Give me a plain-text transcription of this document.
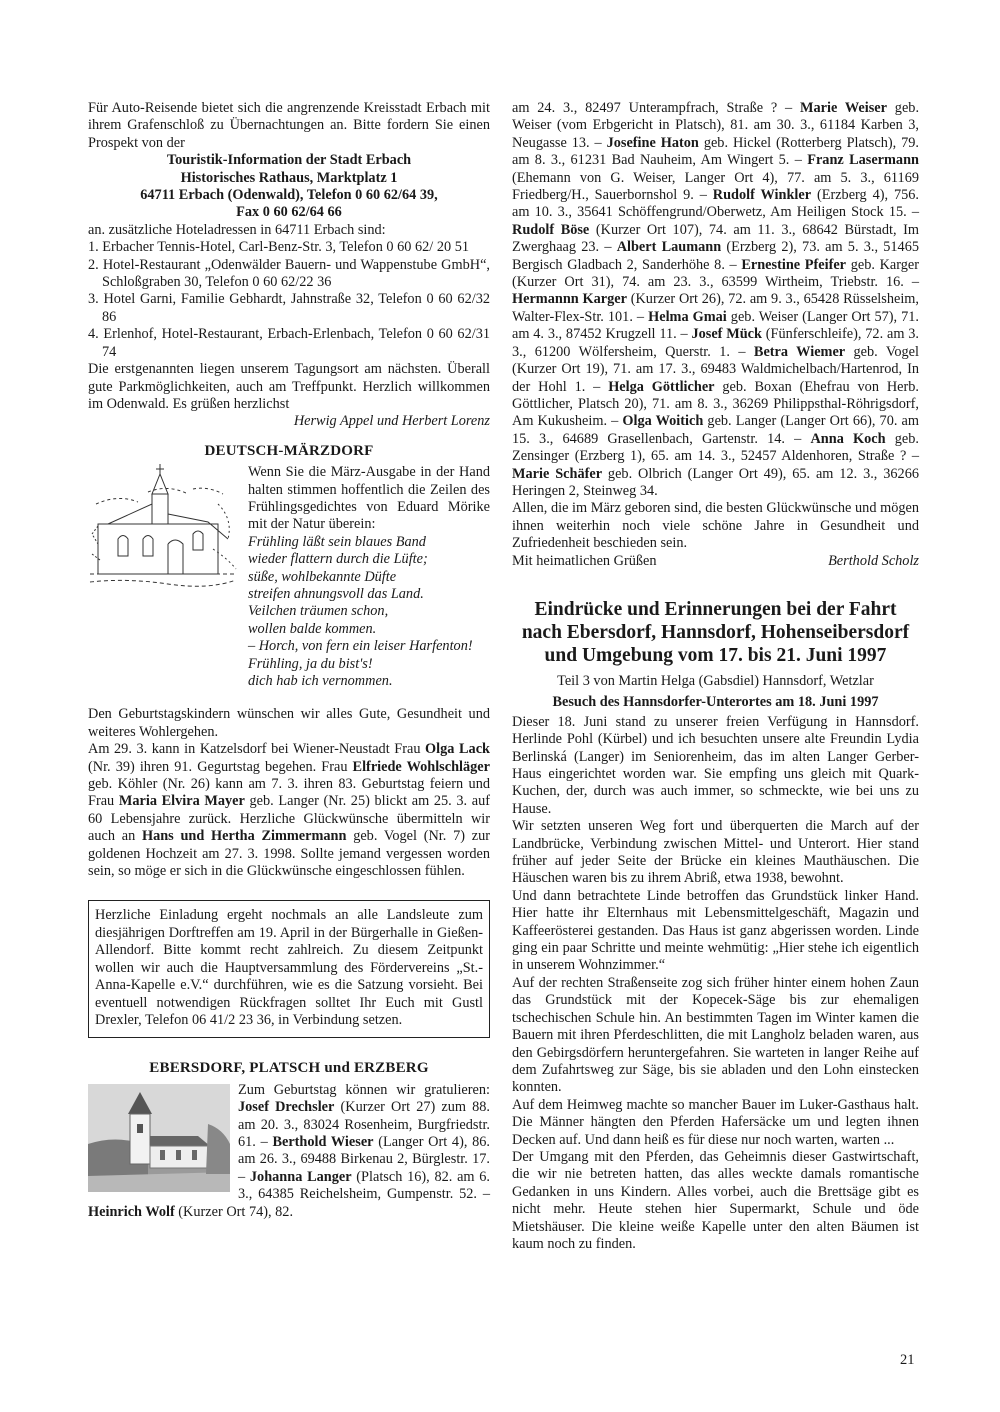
Für Auto-Reisende bietet sich die angrenzende Kreisstadt Erbach mit ihrem Grafenschloß zu Übernachtungen an. Bitte fordern Sie einen Prospekt von der

Touristik-Information der Stadt Erbach

Historisches Rathaus, Marktplatz 1

64711 Erbach (Odenwald), Telefon 0 60 62/64 39,

Fax 0 60 62/64 66

an. zusätzliche Hoteladressen in 64711 Erbach sind:

1. Erbacher Tennis-Hotel, Carl-Benz-Str. 3, Telefon 0 60 62/ 20 51

2. Hotel-Restaurant „Odenwälder Bauern- und Wappenstube GmbH“, Schloßgraben 30, Telefon 0 60 62/22 36

3. Hotel Garni, Familie Gebhardt, Jahnstraße 32, Telefon 0 60 62/32 86

4. Erlenhof, Hotel-Restaurant, Erbach-Erlenbach, Telefon 0 60 62/31 74

Die erstgenannten liegen unserem Tagungsort am nächsten. Überall gute Parkmöglichkeiten, auch am Treffpunkt. Herzlich willkommen im Odenwald. Es grüßen herzlichst

Herwig Appel und Herbert Lorenz

DEUTSCH-MÄRZDORF

Wenn Sie die März-Ausgabe in der Hand halten stimmen hoffentlich die Zeilen des Frühlingsgedichtes von Eduard Mörike mit der Natur überein:

Frühling läßt sein blaues Band

wieder flattern durch die Lüfte;

süße, wohlbekannte Düfte

streifen ahnungsvoll das Land.

Veilchen träumen schon,

wollen balde kommen.

– Horch, von fern ein leiser Harfenton!

Frühling, ja du bist's!

dich hab ich vernommen.

Den Geburtstagskindern wünschen wir alles Gute, Gesundheit und weiteres Wohlergehen.

Am 29. 3. kann in Katzelsdorf bei Wiener-Neustadt Frau Olga Lack (Nr. 39) ihren 91. Gegurtstag begehen. Frau Elfriede Wohlschläger geb. Köhler (Nr. 26) kann am 7. 3. ihren 83. Geburtstag feiern und Frau Maria Elvira Mayer geb. Langer (Nr. 25) blickt am 25. 3. auf 60 Lebensjahre zurück. Herzliche Glückwünsche übermitteln wir auch an Hans und Hertha Zimmermann geb. Vogel (Nr. 7) zur goldenen Hochzeit am 27. 3. 1998. Sollte jemand vergessen worden sein, so möge er sich in die Glückwünsche eingeschlossen fühlen.

Herzliche Einladung ergeht nochmals an alle Landsleute zum diesjährigen Dorftreffen am 19. April in der Bürgerhalle in Gießen-Allendorf. Bitte kommt recht zahlreich. Zu diesem Zeitpunkt wollen wir auch die Hauptversammlung des Fördervereins „St.-Anna-Kapelle e.V.“ durchführen, wie es die Satzung vorsieht. Bei eventuell notwendigen Rückfragen solltet Ihr Euch mit Gustl Drexler, Telefon 06 41/2 23 36, in Verbindung setzen.

EBERSDORF, PLATSCH und ERZBERG

Zum Geburtstag können wir gratulieren: Josef Drechsler (Kurzer Ort 27) zum 88. am 20. 3., 83024 Rosenheim, Burgfriedstr. 61. – Berthold Wieser (Langer Ort 4), 86. am 26. 3., 69488 Birkenau 2, Bürglestr. 17. – Johanna Langer (Platsch 16), 82. am 6. 3., 64385 Reichelsheim, Gumpenstr. 52. – Heinrich Wolf (Kurzer Ort 74), 82.

am 24. 3., 82497 Unterampfrach, Straße ? – Marie Weiser geb. Weiser (vom Erbgericht in Platsch), 81. am 30. 3., 61184 Karben 3, Neugasse 13. – Josefine Haton geb. Hickel (Rotterberg Platsch), 79. am 8. 3., 61231 Bad Nauheim, Am Wingert 5. – Franz Lasermann (Ehemann von G. Weiser, Langer Ort 4), 77. am 5. 3., 61169 Friedberg/H., Sauerbornshol 9. – Rudolf Winkler (Erzberg 4), 756. am 10. 3., 35641 Schöffengrund/Oberwetz, Am Heiligen Stock 15. – Rudolf Böse (Kurzer Ort 107), 74. am 11. 3., 68642 Bürstadt, Im Zwerghaag 23. – Albert Laumann (Erzberg 2), 73. am 5. 3., 51465 Bergisch Gladbach 2, Sanderhöhe 8. – Ernestine Pfeifer geb. Karger (Kurzer Ort 31), 74. am 23. 3., 63599 Wirtheim, Triebstr. 16. – Hermannn Karger (Kurzer Ort 26), 72. am 9. 3., 65428 Rüsselsheim, Walter-Flex-Str. 101. – Helma Gmai geb. Weiser (Langer Ort 57), 71. am 4. 3., 87452 Krugzell 11. – Josef Mück (Fünferschleife), 72. am 3. 3., 61200 Wölfersheim, Querstr. 1. – Betra Wiemer geb. Vogel (Kurzer Ort 19), 71. am 17. 3., 69483 Waldmichelbach/Hartenrod, In der Hohl 1. – Helga Göttlicher geb. Boxan (Ehefrau von Herb. Göttlicher, Platsch 20), 71. am 8. 3., 36269 Philippsthal-Röhrigsdorf, Am Kukusheim. – Olga Woitich geb. Langer (Langer Ort 66), 70. am 15. 3., 64689 Grasellenbach, Gartenstr. 14. – Anna Koch geb. Zensinger (Erzberg 1), 65. am 14. 3., 52457 Aldenhoren, Straße ? – Marie Schäfer geb. Olbrich (Langer Ort 49), 65. am 12. 3., 36266 Heringen 2, Steinweg 34.

Allen, die im März geboren sind, die besten Glückwünsche und mögen ihnen weiterhin noch viele schöne Jahre in Gesundheit und Zufriedenheit beschieden sein.

Mit heimatlichen Grüßen	Berthold Scholz
Eindrücke und Erinnerungen bei der Fahrt nach Ebersdorf, Hannsdorf, Hohenseibersdorf und Umgebung vom 17. bis 21. Juni 1997
Teil 3 von Martin Helga (Gabsdiel) Hannsdorf, Wetzlar
Besuch des Hannsdorfer-Unterortes am 18. Juni 1997

Dieser 18. Juni stand zu unserer freien Verfügung in Hannsdorf. Herlinde Pohl (Kürbel) und ich besuchten unsere alte Freundin Lydia Berlinská (Langer) im Seniorenheim, das im alten Langer Gerber-Haus eingerichtet worden war. Sie empfing uns gleich mit Quark-Kuchen, der, durch was auch immer, so schmeckte, wie bei uns zu Hause.

Wir setzten unseren Weg fort und überquerten die March auf der Landbrücke, Verbindung zwischen Mittel- und Unterort. Hier stand früher auf jeder Seite der Brücke ein kleines Mauthäuschen. Die Häuschen waren bis zu ihrem Abriß, etwa 1938, bewohnt.

Und dann betrachtete Linde betroffen das Grundstück linker Hand. Hier hatte ihr Elternhaus mit Lebensmittelgeschäft, Magazin und Kaffeerösterei gestanden. Das Haus ist ganz abgerissen worden. Linde ging ein paar Schritte und meinte wehmütig: „Hier stehe ich eigentlich in unserem Wohnzimmer.“

Auf der rechten Straßenseite zog sich früher hinter einem hohen Zaun das Grundstück mit der Kopecek-Säge bis zur ehemaligen tschechischen Schule hin. An bestimmten Tagen im Winter kamen die Bauern mit ihren Pferdeschlitten, die mit Langholz beladen waren, aus den Gebirgsdörfern heruntergefahren. Sie warteten in langer Reihe auf dem Zufahrtsweg zur Säge, bis sie abladen und den Lohn einstecken konnten.

Auf dem Heimweg machte so mancher Bauer im Luker-Gasthaus halt. Die Männer hängten den Pferden Hafersäcke um und legten ihnen Decken auf. Und dann heiß es für diese nur noch warten, warten ...

Der Umgang mit den Pferden, das Geheimnis dieser Gastwirtschaft, die wir nie betreten hatten, das alles weckte damals romantische Gedanken in uns Kindern. Alles vorbei, auch die Brettsäge gibt es nicht mehr. Heute stehen hier Supermarkt, Schule und öde Mietshäuser. Die kleine weiße Kapelle unter den alten Bäumen ist kaum noch zu finden.

21
